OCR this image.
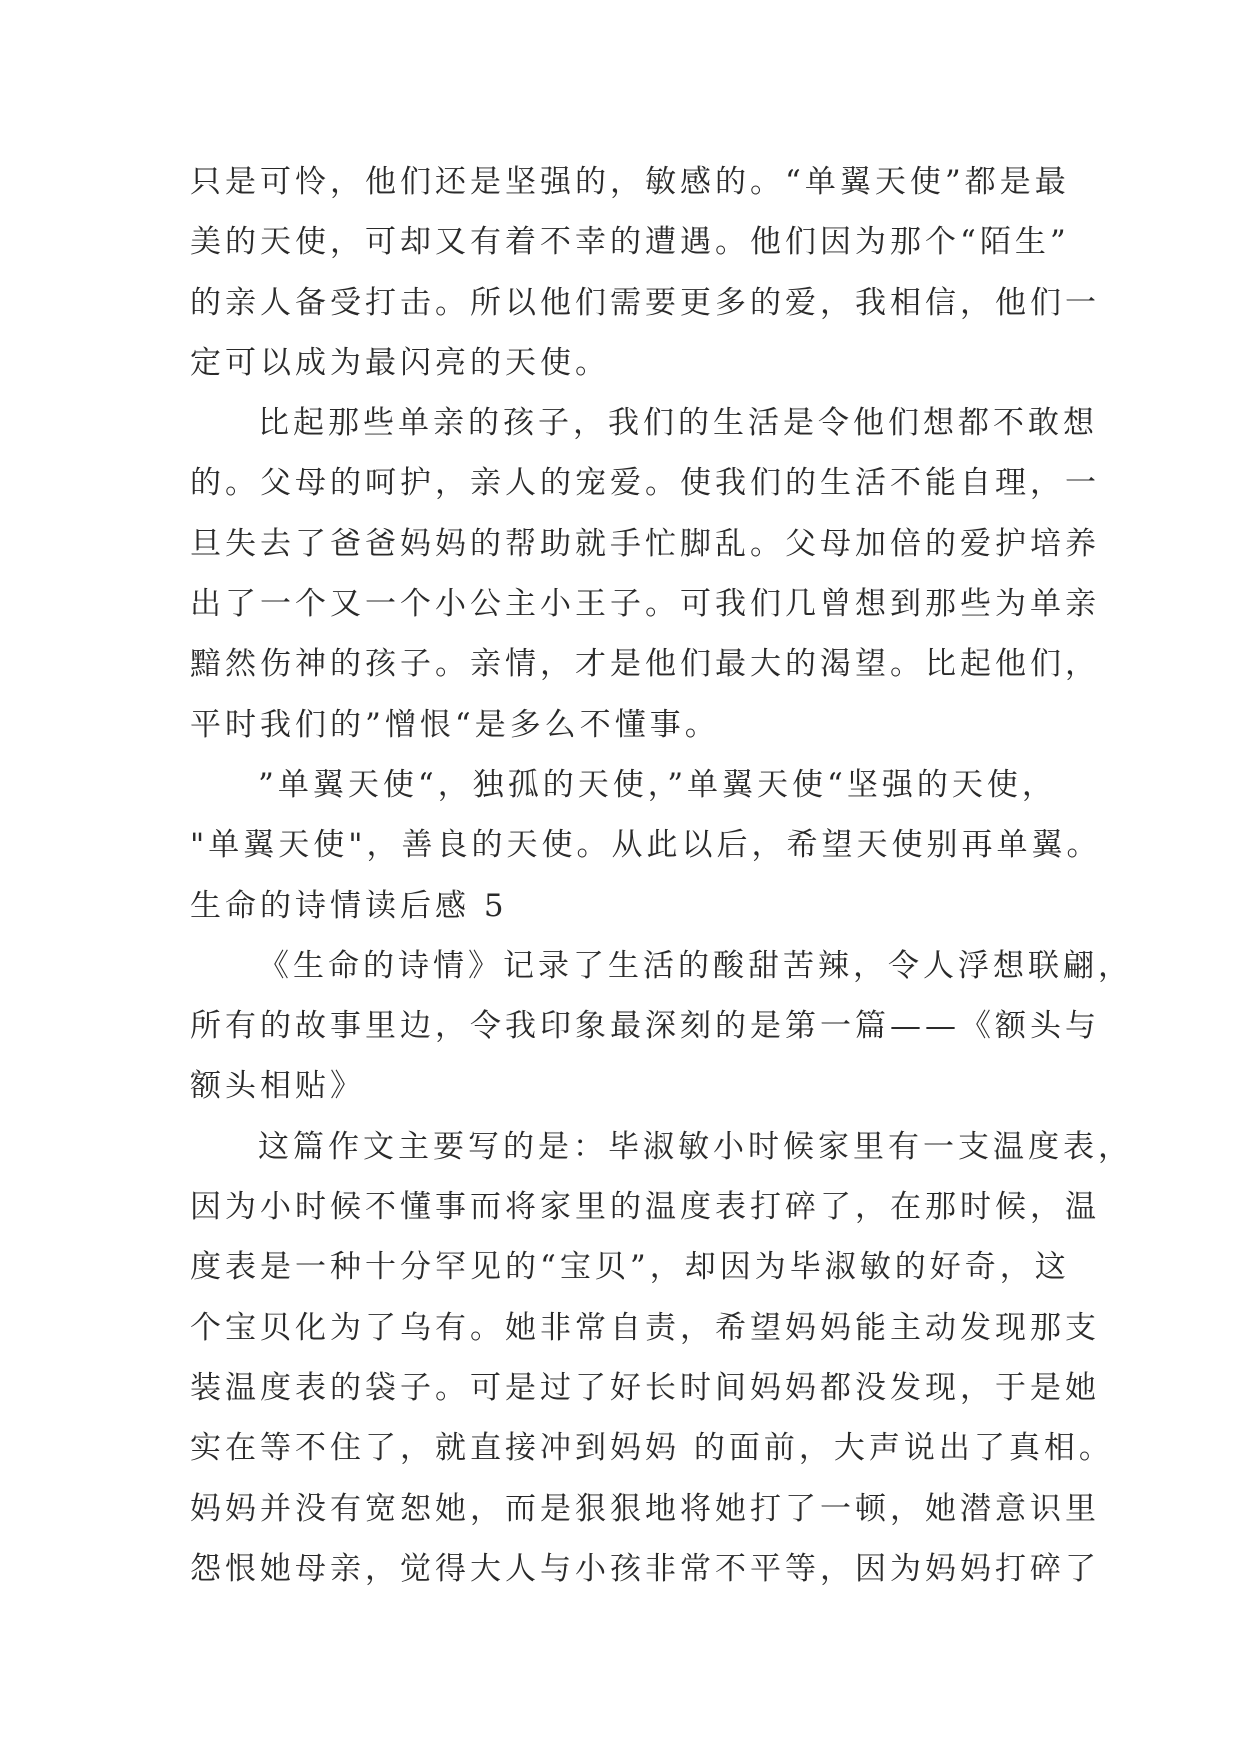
只是可怜，他们还是坚强的，敏感的。“单翼天使”都是最
美的天使，可却又有着不幸的遭遇。他们因为那个“陌生”
的亲人备受打击。所以他们需要更多的爱，我相信，他们一
定可以成为最闪亮的天使。
比起那些单亲的孩子，我们的生活是令他们想都不敢想
的。父母的呵护，亲人的宠爱。使我们的生活不能自理，一
旦失去了爸爸妈妈的帮助就手忙脚乱。父母加倍的爱护培养
出了一个又一个小公主小王子。可我们几曾想到那些为单亲
黯然伤神的孩子。亲情，才是他们最大的渴望。比起他们，
平时我们的”憎恨“是多么不懂事。
”单翼天使“，独孤的天使，”单翼天使“坚强的天使，
"单翼天使"，善良的天使。从此以后，希望天使别再单翼。
生命的诗情读后感 5
《生命的诗情》记录了生活的酸甜苦辣，令人浮想联翩，
所有的故事里边，令我印象最深刻的是第一篇——《额头与
额头相贴》
这篇作文主要写的是：毕淑敏小时候家里有一支温度表，
因为小时候不懂事而将家里的温度表打碎了，在那时候，温
度表是一种十分罕见的“宝贝”，却因为毕淑敏的好奇，这
个宝贝化为了乌有。她非常自责，希望妈妈能主动发现那支
装温度表的袋子。可是过了好长时间妈妈都没发现，于是她
实在等不住了，就直接冲到妈妈 的面前，大声说出了真相。
妈妈并没有宽恕她，而是狠狠地将她打了一顿，她潜意识里
怨恨她母亲，觉得大人与小孩非常不平等，因为妈妈打碎了
